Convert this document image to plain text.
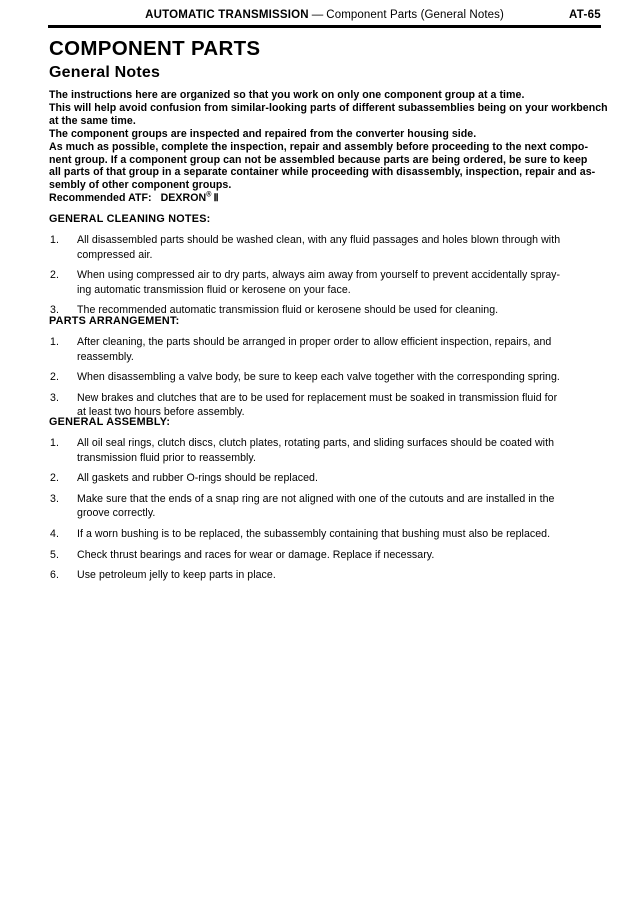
AUTOMATIC TRANSMISSION — Component Parts (General Notes)	AT-65
COMPONENT PARTS
General Notes
The instructions here are organized so that you work on only one component group at a time.
This will help avoid confusion from similar-looking parts of different subassemblies being on your workbench
at the same time.
The component groups are inspected and repaired from the converter housing side.
As much as possible, complete the inspection, repair and assembly before proceeding to the next compo-
nent group. If a component group can not be assembled because parts are being ordered, be sure to keep
all parts of that group in a separate container while proceeding with disassembly, inspection, repair and as-
sembly of other component groups.
Recommended ATF: DEXRON® Ⅱ
GENERAL CLEANING NOTES:
1.	All disassembled parts should be washed clean, with any fluid passages and holes blown through with
compressed air.
2.	When using compressed air to dry parts, always aim away from yourself to prevent accidentally spray-
ing automatic transmission fluid or kerosene on your face.
3.	The recommended automatic transmission fluid or kerosene should be used for cleaning.
PARTS ARRANGEMENT:
1.	After cleaning, the parts should be arranged in proper order to allow efficient inspection, repairs, and
reassembly.
2.	When disassembling a valve body, be sure to keep each valve together with the corresponding spring.
3.	New brakes and clutches that are to be used for replacement must be soaked in transmission fluid for
at least two hours before assembly.
GENERAL ASSEMBLY:
1.	All oil seal rings, clutch discs, clutch plates, rotating parts, and sliding surfaces should be coated with
transmission fluid prior to reassembly.
2.	All gaskets and rubber O-rings should be replaced.
3.	Make sure that the ends of a snap ring are not aligned with one of the cutouts and are installed in the
groove correctly.
4.	If a worn bushing is to be replaced, the subassembly containing that bushing must also be replaced.
5.	Check thrust bearings and races for wear or damage. Replace if necessary.
6.	Use petroleum jelly to keep parts in place.
